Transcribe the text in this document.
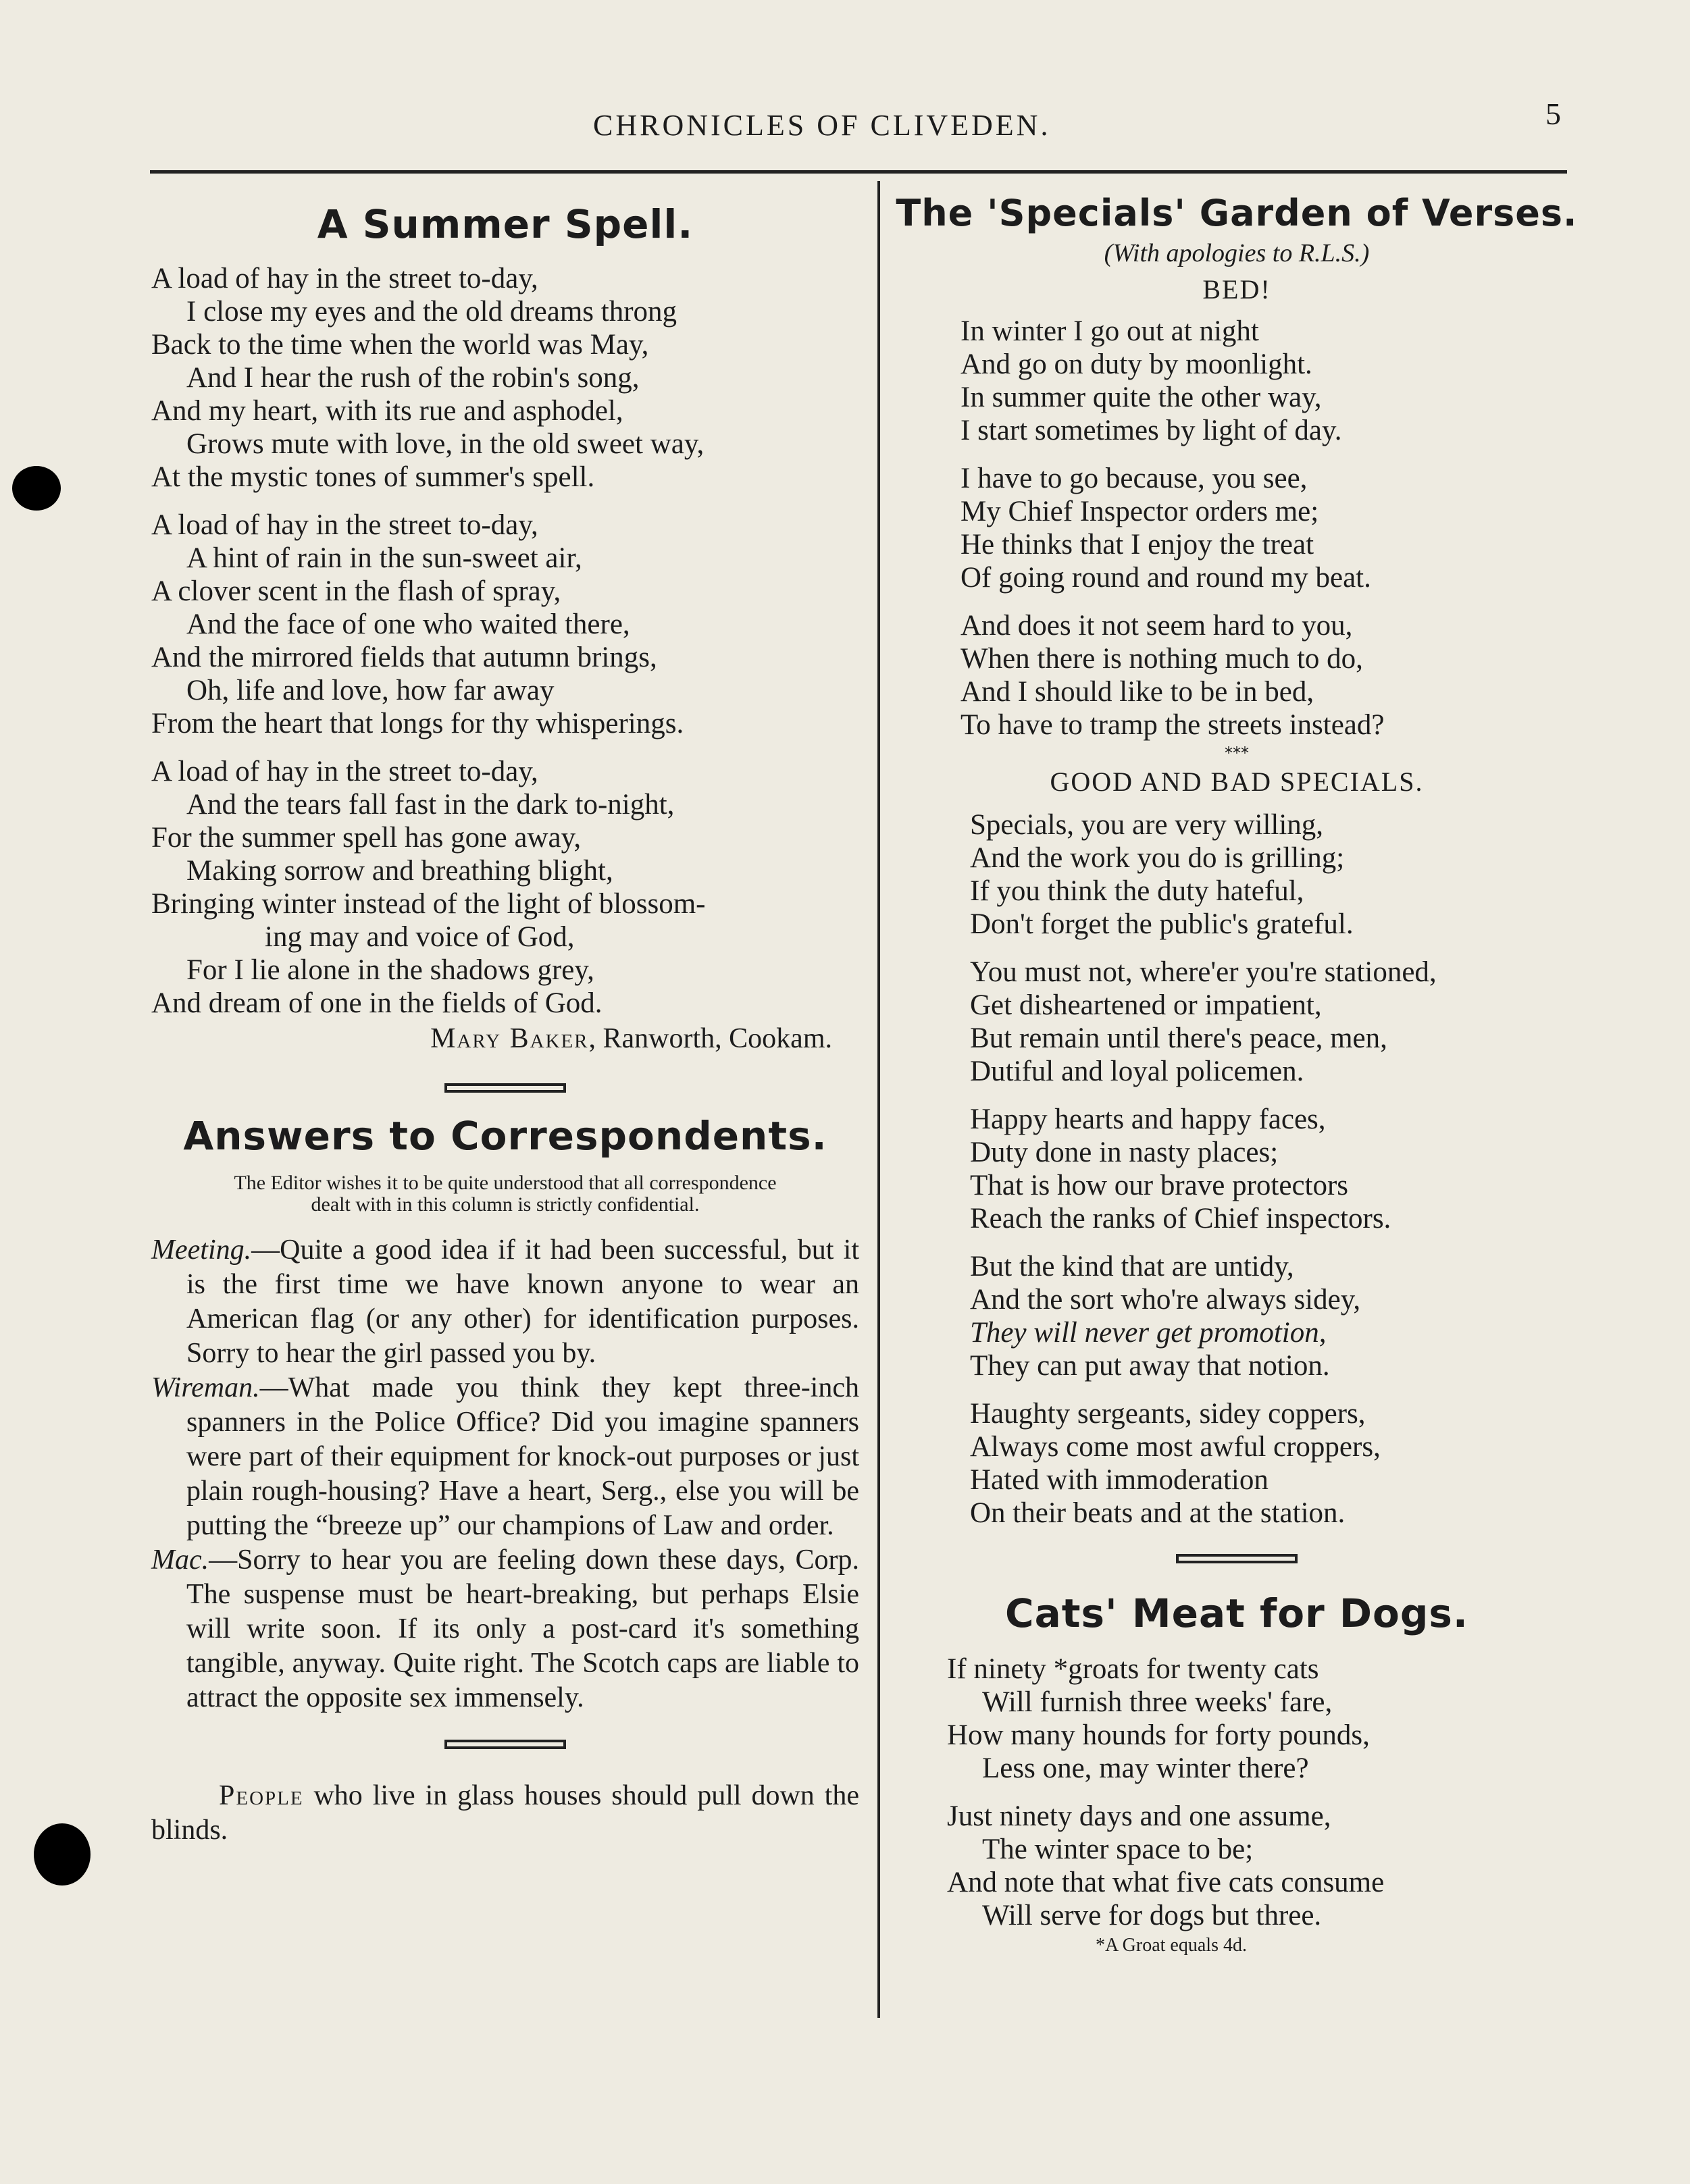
CHRONICLES OF CLIVEDEN.	5
A Summer Spell.

A load of hay in the street to-day,

I close my eyes and the old dreams throng

Back to the time when the world was May,

And I hear the rush of the robin's song,

And my heart, with its rue and asphodel,

Grows mute with love, in the old sweet way,

At the mystic tones of summer's spell.

A load of hay in the street to-day,

A hint of rain in the sun-sweet air,

A clover scent in the flash of spray,

And the face of one who waited there,

And the mirrored fields that autumn brings,

Oh, life and love, how far away

From the heart that longs for thy whisperings.

A load of hay in the street to-day,

And the tears fall fast in the dark to-night,

For the summer spell has gone away,

Making sorrow and breathing blight,

Bringing winter instead of the light of blossom-

ing may and voice of God,

For I lie alone in the shadows grey,

And dream of one in the fields of God.

Mary Baker, Ranworth, Cookam.

Answers to Correspondents.

The Editor wishes it to be quite understood that all correspondence dealt with in this column is strictly confidential.

Meeting.—Quite a good idea if it had been successful, but it is the first time we have known anyone to wear an American flag (or any other) for identification purposes. Sorry to hear the girl passed you by.

Wireman.—What made you think they kept three-inch spanners in the Police Office? Did you imagine spanners were part of their equipment for knock-out purposes or just plain rough-housing? Have a heart, Serg., else you will be putting the “breeze up” our champions of Law and order.

Mac.—Sorry to hear you are feeling down these days, Corp. The suspense must be heart-breaking, but perhaps Elsie will write soon. If its only a post-card it's something tangible, anyway. Quite right. The Scotch caps are liable to attract the opposite sex immensely.

People who live in glass houses should pull down the blinds.

The 'Specials' Garden of Verses.

(With apologies to R.L.S.)

BED!

In winter I go out at night

And go on duty by moonlight.

In summer quite the other way,

I start sometimes by light of day.

I have to go because, you see,

My Chief Inspector orders me;

He thinks that I enjoy the treat

Of going round and round my beat.

And does it not seem hard to you,

When there is nothing much to do,

And I should like to be in bed,

To have to tramp the streets instead?

***

GOOD AND BAD SPECIALS.

Specials, you are very willing,

And the work you do is grilling;

If you think the duty hateful,

Don't forget the public's grateful.

You must not, where'er you're stationed,

Get disheartened or impatient,

But remain until there's peace, men,

Dutiful and loyal policemen.

Happy hearts and happy faces,

Duty done in nasty places;

That is how our brave protectors

Reach the ranks of Chief inspectors.

But the kind that are untidy,

And the sort who're always sidey,

They will never get promotion,

They can put away that notion.

Haughty sergeants, sidey coppers,

Always come most awful croppers,

Hated with immoderation

On their beats and at the station.

Cats' Meat for Dogs.

If ninety *groats for twenty cats

Will furnish three weeks' fare,

How many hounds for forty pounds,

Less one, may winter there?

Just ninety days and one assume,

The winter space to be;

And note that what five cats consume

Will serve for dogs but three.

*A Groat equals 4d.
